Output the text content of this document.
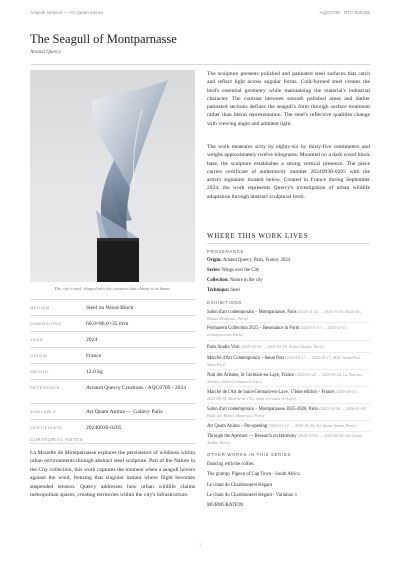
Artwork Notices — Art Quam Anima	AQC0709 · NTC-000206
The Seagull of Montparnasse
Arnaud Quercy
The city's steel, shaped into the creature that claims it as home.
MEDIUM	Steel on Wood Block
DIMENSIONS	60.0×86.0×35.0cm
YEAR	2024
ORIGIN	France
WEIGHT	12.0 kg
REFERENCE	Arnaud Quercy Creations / AQC0709 / 2024
AVAILABLE	Art Quam Anima — Gallery Paris
CERTIFICATE	20240930-0205
CURATORIAL NOTES

La Mouette de Montparnasse explores the persistence of wildness within urban environments through abstract steel sculpture. Part of the Nature in the City collection, this work captures the moment when a seagull hovers against the wind, freezing that singular instant where flight becomes suspended tension. Quercy addresses how urban wildlife claims metropolitan spaces, creating territories within the city's infrastructure.

The sculpture presents polished and patinated steel surfaces that catch and reflect light across angular forms. Cold-formed steel creates the bird's essential geometry while maintaining the material's industrial character. The contrast between smooth polished areas and darker patinated sections defines the seagull's form through surface treatment rather than literal representation. The steel's reflective qualities change with viewing angle and ambient light.

The work measures sixty by eighty-six by thirty-five centimeters and weighs approximately twelve kilograms. Mounted on a dark wood block base, the sculpture establishes a strong vertical presence. The piece carries certificate of authenticity number 20240930-0205 with the artist's signature located below. Created in France during September 2024, the work represents Quercy's investigation of urban wildlife adaptation through abstract sculptural form.

WHERE THIS WORK LIVES
PROVENANCE
Origin: Arnaud Quercy, Paris, France, 2024
Series: Wings over the City
Collection: Nature in the city
Technique: Steel
EXHIBITIONS
Salon d'art contemporain – Montparnasse, Paris (2024-11-26 → 2025-01-05, Halle des Blancs Manteaux, Paris)
Permanent Collection 2025 – Resonance in Form (2025-01-01 → 2025-12-31, artmajeur.com, Paris)
Paris Studio Visit (2025-02-10 → 2025-02-18, Artist's Studio, Paris)
Marché d'Art Contemporain – Senat Port (2025-05-17 → 2025-05-17, MAC Saint-Port, Saint-Port)
Nuit des Artistes, St Germain-en-Laye, France (2025-05-24 → 2025-05-24, La Nuit des Artistes, Saint-Germain-en-Laye)
Marché de l'Art de Saint-Germain-en-Laye, 17ème édition – France (2025-06-14 → 2025-06-14, Marché de l'Art, Saint-Germain-en-Laye)
Salon d'art contemporain – Montparnasse 2025-2026, Paris (2025-12-26 → 2026-01-04, Halle des Blancs Manteaux, Paris)
Art Quam Anima – Pre-opening (2026-01-12 → 2026-01-30, Art Quam Anima, Paris)
Through the Aperture — Research on Harmony (2026-03-05 → 2026-04-30, Art Quam Anima, Paris)
OTHER WORKS IN THIS SERIES
Dancing with the collier.
The grumpy Pigeon of Cap Town - South Africa
Le chant du Chardonneret élégant
Le chant du Chardonneret élégant - Variation 1
MURMURATION
1
